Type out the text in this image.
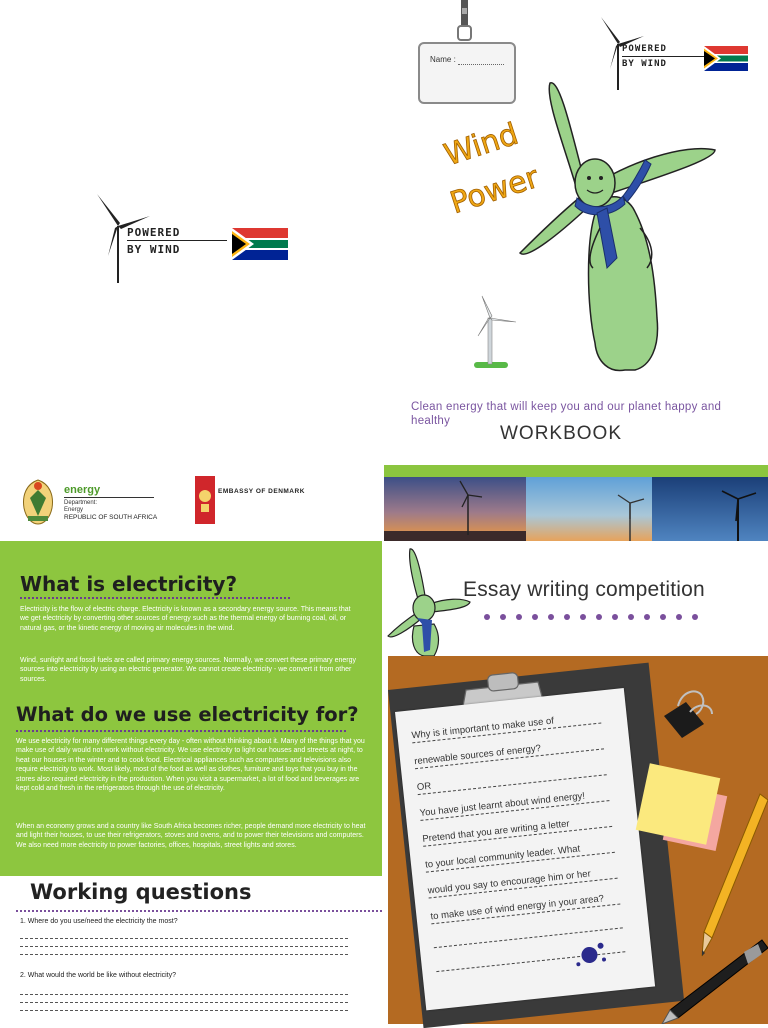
POWERED
BY WIND
Name :
POWERED
BY WIND
Wind
Power
Clean energy that will keep you and our planet happy and healthy
WORKBOOK
energy
Department:
Energy
REPUBLIC OF SOUTH AFRICA
EMBASSY OF DENMARK
What is electricity?
Electricity is the flow of electric charge. Electricity is known as a secondary energy source. This means that we get electricity by converting other sources of energy such as the thermal energy of burning coal, oil, or natural gas, or the kinetic energy of moving air molecules in the wind.
Wind, sunlight and fossil fuels are called primary energy sources. Normally, we convert these primary energy sources into electricity by using an electric generator. We cannot create electricity - we convert it from other sources.
What do we use electricity for?
We use electricity for many different things every day - often without thinking about it. Many of the things that you make use of daily would not work without electricity. We use electricity to light our houses and streets at night, to heat our houses in the winter and to cook food. Electrical appliances such as computers and televisions also require electricity to work. Most likely, most of the food as well as clothes, furniture and toys that you buy in the stores also required electricity in the production. When you visit a supermarket, a lot of food and beverages are kept cold and fresh in the refrigerators through the use of electricity.
When an economy grows and a country like South Africa becomes richer, people demand more electricity to heat and light their houses, to use their refrigerators, stoves and ovens, and to power their televisions and computers. We also need more electricity to power factories, offices, hospitals, street lights and stores.
Working questions
1. Where do you use/need the electricity the most?
2. What would the world be like without electricity?
Essay writing competition
Why is it important to make use of
renewable sources of energy?
OR
You have just learnt about wind energy!
Pretend that you are writing a letter
to your local community leader. What
would you say to encourage him or her
to make use of wind energy in your area?
